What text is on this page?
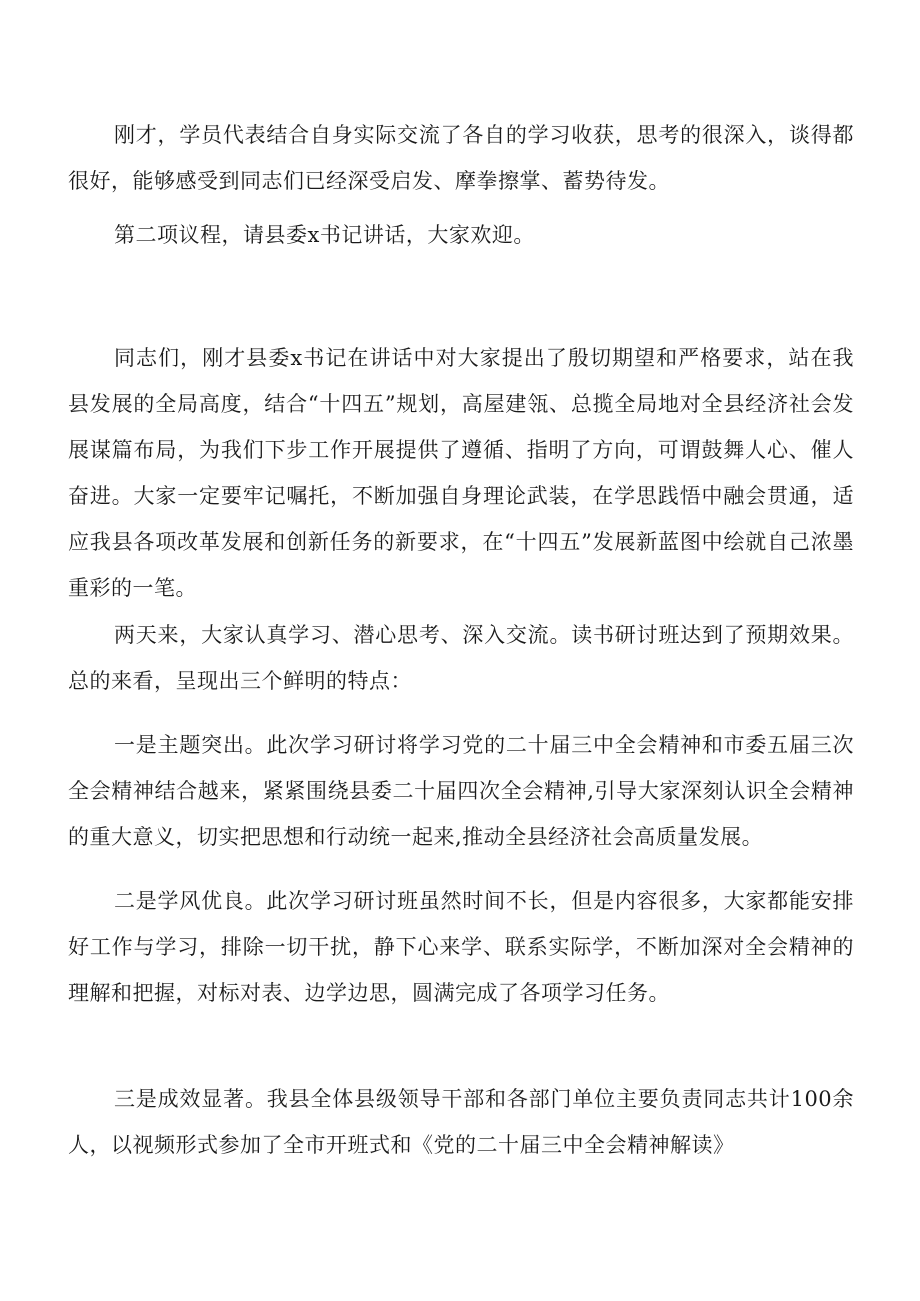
刚才，学员代表结合自身实际交流了各自的学习收获，思考的很深入，谈得都很好，能够感受到同志们已经深受启发、摩拳擦掌、蓄势待发。

第二项议程，请县委x书记讲话，大家欢迎。

同志们，刚才县委x书记在讲话中对大家提出了殷切期望和严格要求，站在我县发展的全局高度，结合“十四五”规划，高屋建瓴、总揽全局地对全县经济社会发展谋篇布局，为我们下步工作开展提供了遵循、指明了方向，可谓鼓舞人心、催人奋进。大家一定要牢记嘱托，不断加强自身理论武装，在学思践悟中融会贯通，适应我县各项改革发展和创新任务的新要求，在“十四五”发展新蓝图中绘就自己浓墨重彩的一笔。

两天来，大家认真学习、潜心思考、深入交流。读书研讨班达到了预期效果。总的来看，呈现出三个鲜明的特点：

一是主题突出。此次学习研讨将学习党的二十届三中全会精神和市委五届三次全会精神结合越来，紧紧围绕县委二十届四次全会精神,引导大家深刻认识全会精神的重大意义，切实把思想和行动统一起来,推动全县经济社会高质量发展。

二是学风优良。此次学习研讨班虽然时间不长，但是内容很多，大家都能安排好工作与学习，排除一切干扰，静下心来学、联系实际学，不断加深对全会精神的理解和把握，对标对表、边学边思，圆满完成了各项学习任务。

三是成效显著。我县全体县级领导干部和各部门单位主要负责同志共计100余人，以视频形式参加了全市开班式和《党的二十届三中全会精神解读》
